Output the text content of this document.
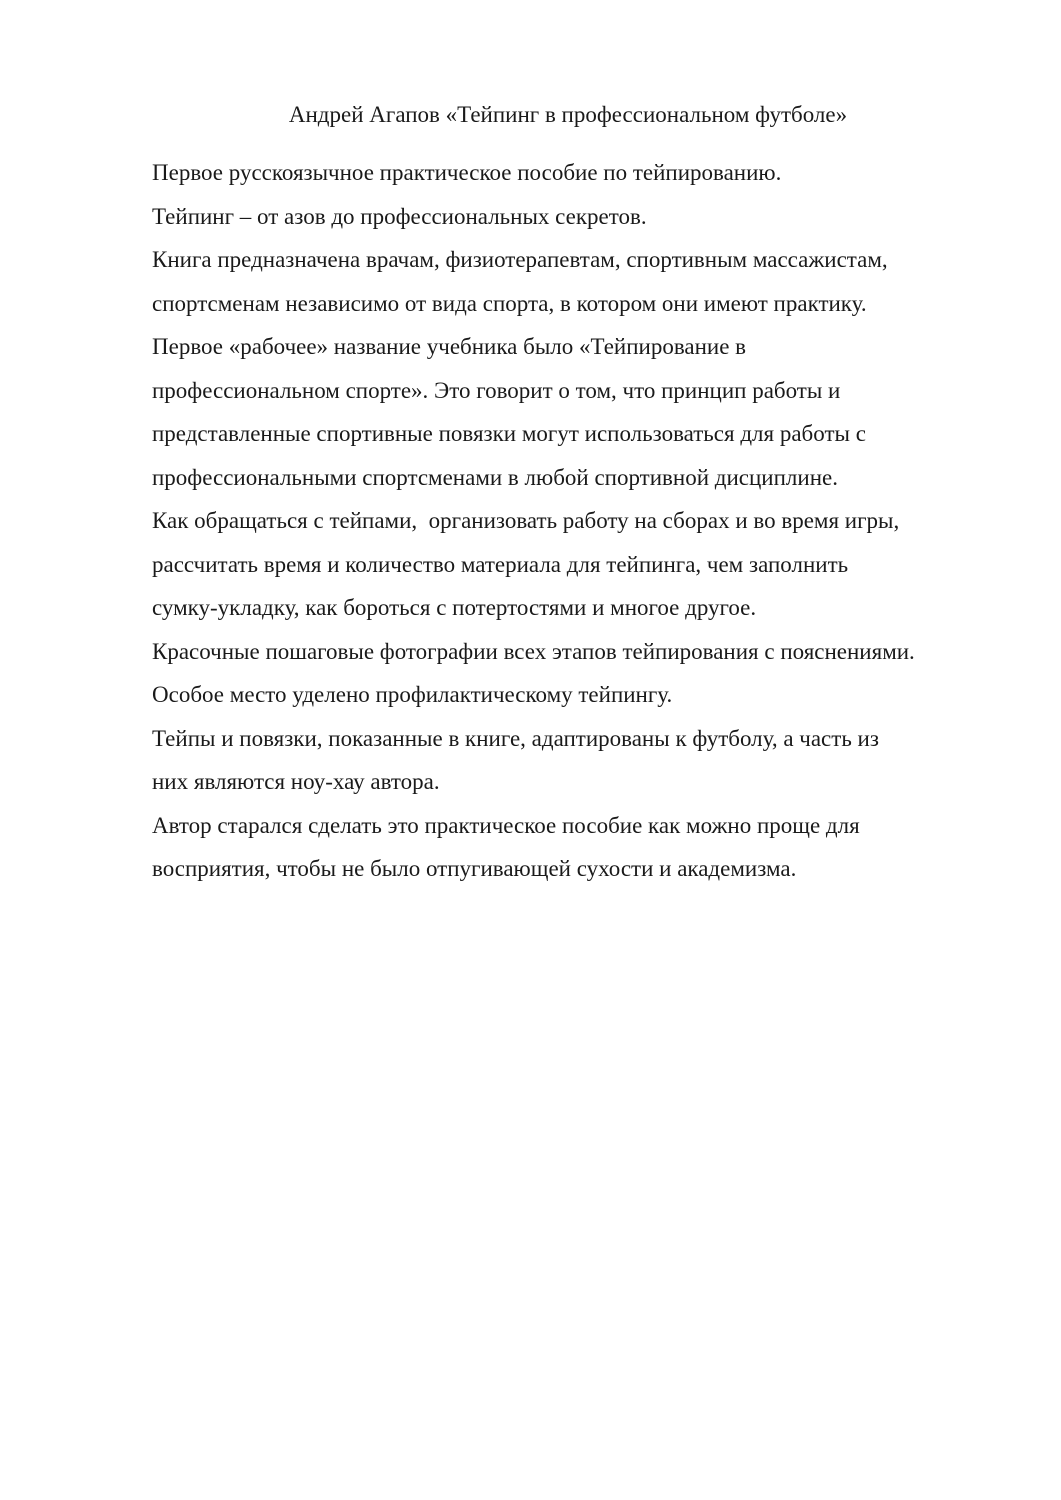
Андрей Агапов «Тейпинг в профессиональном футболе»
Первое русскоязычное практическое пособие по тейпированию.
Тейпинг – от азов до профессиональных секретов.
Книга предназначена врачам, физиотерапевтам, спортивным массажистам,
спортсменам независимо от вида спорта, в котором они имеют практику.
Первое «рабочее» название учебника было «Тейпирование в
профессиональном спорте». Это говорит о том, что принцип работы и
представленные спортивные повязки могут использоваться для работы с
профессиональными спортсменами в любой спортивной дисциплине.
Как обращаться с тейпами,  организовать работу на сборах и во время игры,
рассчитать время и количество материала для тейпинга, чем заполнить
сумку-укладку, как бороться с потертостями и многое другое.
Красочные пошаговые фотографии всех этапов тейпирования с пояснениями.
Особое место уделено профилактическому тейпингу.
Тейпы и повязки, показанные в книге, адаптированы к футболу, а часть из
них являются ноу-хау автора.
Автор старался сделать это практическое пособие как можно проще для
восприятия, чтобы не было отпугивающей сухости и академизма.
